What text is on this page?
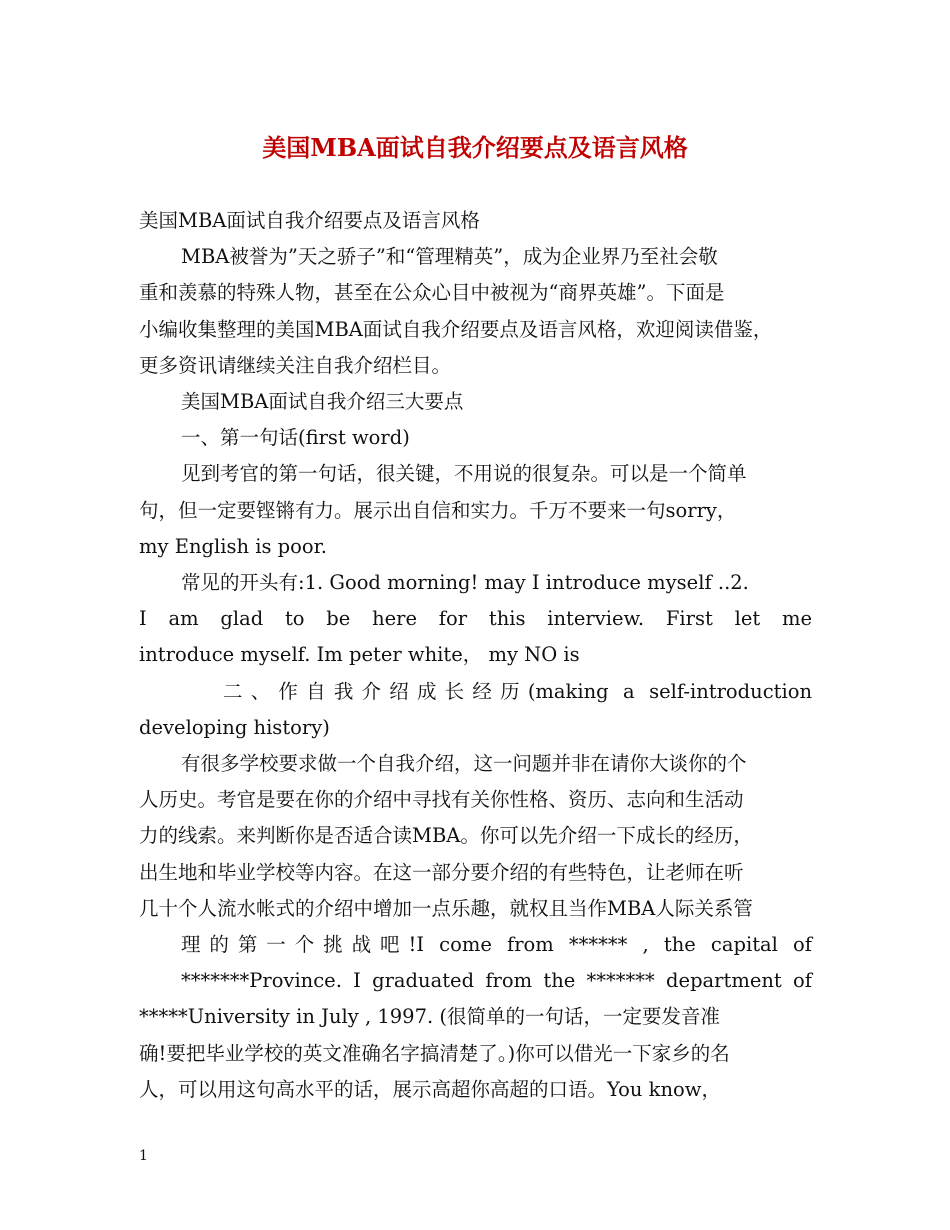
美国MBA面试自我介绍要点及语言风格

美国MBA面试自我介绍要点及语言风格

MBA被誉为”天之骄子”和“管理精英”，成为企业界乃至社会敬
重和羡慕的特殊人物，甚至在公众心目中被视为“商界英雄”。下面是
小编收集整理的美国MBA面试自我介绍要点及语言风格，欢迎阅读借鉴，
更多资讯请继续关注自我介绍栏目。

美国MBA面试自我介绍三大要点

一、第一句话(first word)

见到考官的第一句话，很关键，不用说的很复杂。可以是一个简单
句，但一定要铿锵有力。展示出自信和实力。千万不要来一句sorry，
my English is poor.

常见的开头有:1. Good morning! may I introduce myself ..2.
I am glad to be here for this interview. First let me
introduce myself. Im peter white， my NO is

二、作自我介绍成长经历(making a self-introduction
developing history)

有很多学校要求做一个自我介绍，这一问题并非在请你大谈你的个
人历史。考官是要在你的介绍中寻找有关你性格、资历、志向和生活动
力的线索。来判断你是否适合读MBA。你可以先介绍一下成长的经历，
出生地和毕业学校等内容。在这一部分要介绍的有些特色，让老师在听
几十个人流水帐式的介绍中增加一点乐趣，就权且当作MBA人际关系管
理的第一个挑战吧!I come from ****** , the capital of
*******Province. I graduated from the ******* department of
*****University in July , 1997. (很简单的一句话，一定要发音准
确!要把毕业学校的英文准确名字搞清楚了。)你可以借光一下家乡的名
人，可以用这句高水平的话，展示高超你高超的口语。You know，

1
